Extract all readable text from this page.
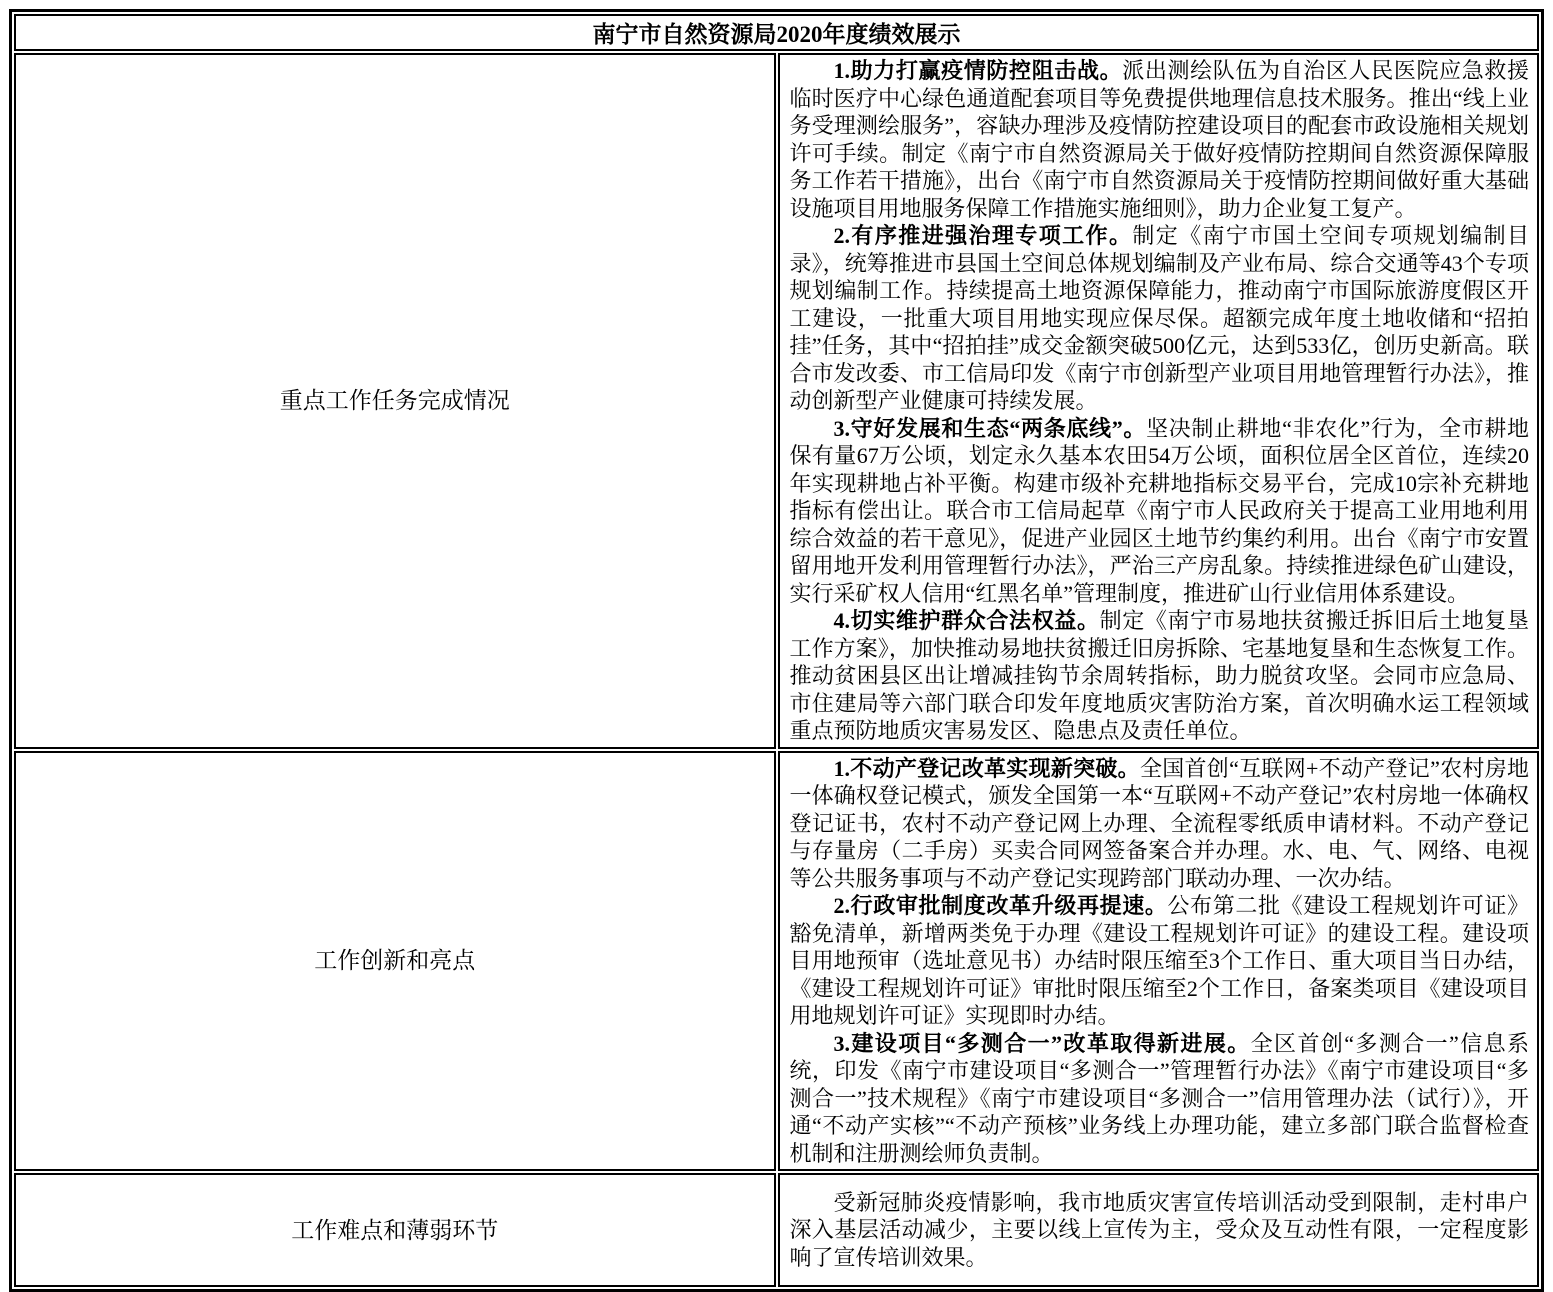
南宁市自然资源局2020年度绩效展示	
重点工作任务完成情况	1.助力打赢疫情防控阻击战。派出测绘队伍为自治区人民医院应急救援临时医疗中心绿色通道配套项目等免费提供地理信息技术服务。推出“线上业务受理测绘服务”，容缺办理涉及疫情防控建设项目的配套市政设施相关规划许可手续。制定《南宁市自然资源局关于做好疫情防控期间自然资源保障服务工作若干措施》，出台《南宁市自然资源局关于疫情防控期间做好重大基础设施项目用地服务保障工作措施实施细则》，助力企业复工复产。

2.有序推进强治理专项工作。制定《南宁市国土空间专项规划编制目录》，统筹推进市县国土空间总体规划编制及产业布局、综合交通等43个专项规划编制工作。持续提高土地资源保障能力，推动南宁市国际旅游度假区开工建设，一批重大项目用地实现应保尽保。超额完成年度土地收储和“招拍挂”任务，其中“招拍挂”成交金额突破500亿元，达到533亿，创历史新高。联合市发改委、市工信局印发《南宁市创新型产业项目用地管理暂行办法》，推动创新型产业健康可持续发展。

3.守好发展和生态“两条底线”。坚决制止耕地“非农化”行为，全市耕地保有量67万公顷，划定永久基本农田54万公顷，面积位居全区首位，连续20年实现耕地占补平衡。构建市级补充耕地指标交易平台，完成10宗补充耕地指标有偿出让。联合市工信局起草《南宁市人民政府关于提高工业用地利用综合效益的若干意见》，促进产业园区土地节约集约利用。出台《南宁市安置留用地开发利用管理暂行办法》，严治三产房乱象。持续推进绿色矿山建设，实行采矿权人信用“红黑名单”管理制度，推进矿山行业信用体系建设。

4.切实维护群众合法权益。制定《南宁市易地扶贫搬迁拆旧后土地复垦工作方案》，加快推动易地扶贫搬迁旧房拆除、宅基地复垦和生态恢复工作。推动贫困县区出让增减挂钩节余周转指标，助力脱贫攻坚。会同市应急局、市住建局等六部门联合印发年度地质灾害防治方案，首次明确水运工程领域重点预防地质灾害易发区、隐患点及责任单位。

工作创新和亮点	1.不动产登记改革实现新突破。全国首创“互联网+不动产登记”农村房地一体确权登记模式，颁发全国第一本“互联网+不动产登记”农村房地一体确权登记证书，农村不动产登记网上办理、全流程零纸质申请材料。不动产登记与存量房（二手房）买卖合同网签备案合并办理。水、电、气、网络、电视等公共服务事项与不动产登记实现跨部门联动办理、一次办结。

2.行政审批制度改革升级再提速。公布第二批《建设工程规划许可证》豁免清单，新增两类免于办理《建设工程规划许可证》的建设工程。建设项目用地预审（选址意见书）办结时限压缩至3个工作日、重大项目当日办结，《建设工程规划许可证》审批时限压缩至2个工作日，备案类项目《建设项目用地规划许可证》实现即时办结。

3.建设项目“多测合一”改革取得新进展。全区首创“多测合一”信息系统，印发《南宁市建设项目“多测合一”管理暂行办法》《南宁市建设项目“多测合一”技术规程》《南宁市建设项目“多测合一”信用管理办法（试行）》，开通“不动产实核”“不动产预核”业务线上办理功能，建立多部门联合监督检查机制和注册测绘师负责制。

工作难点和薄弱环节	受新冠肺炎疫情影响，我市地质灾害宣传培训活动受到限制，走村串户深入基层活动减少，主要以线上宣传为主，受众及互动性有限，一定程度影响了宣传培训效果。
